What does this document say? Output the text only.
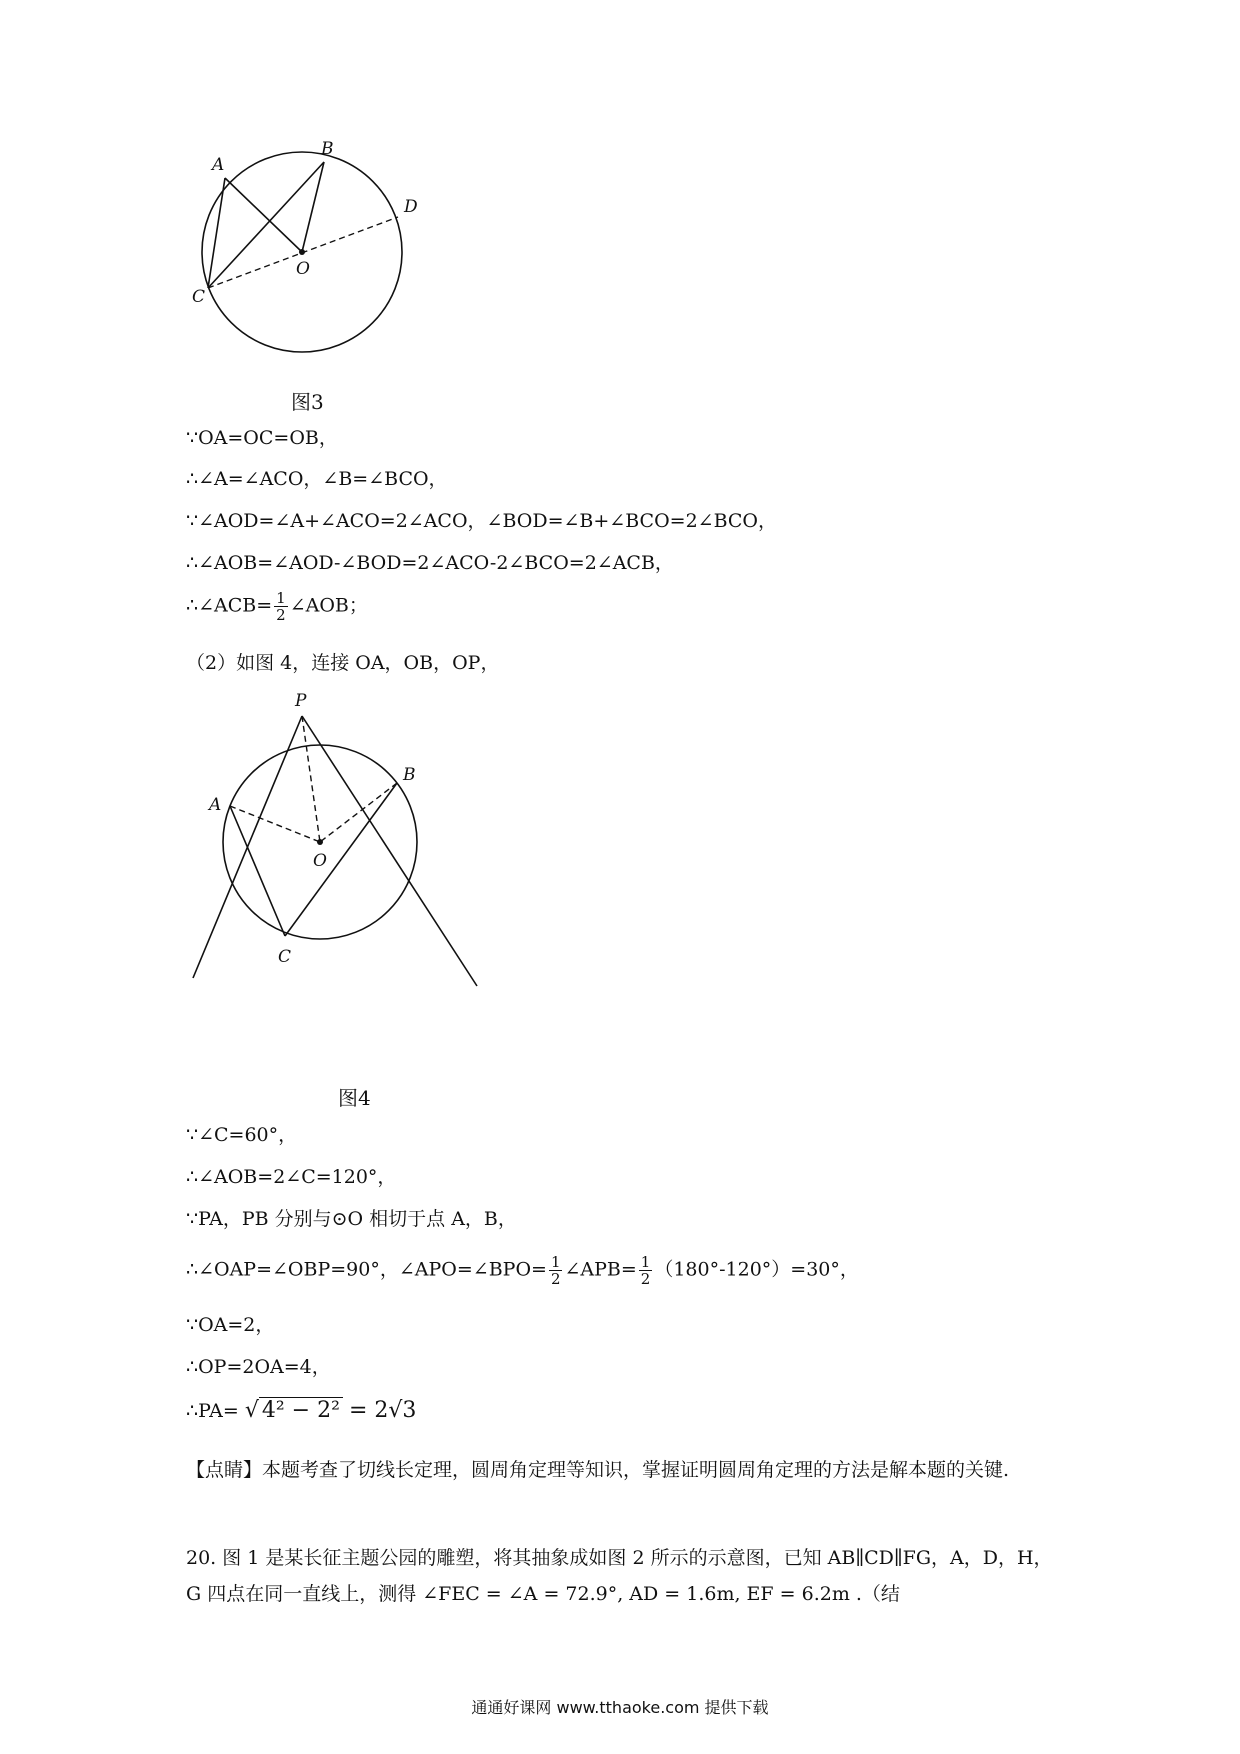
A
B
C
D
O
图3
∵OA=OC=OB，
∴∠A=∠ACO，∠B=∠BCO，
∵∠AOD=∠A+∠ACO=2∠ACO，∠BOD=∠B+∠BCO=2∠BCO，
∴∠AOB=∠AOD-∠BOD=2∠ACO-2∠BCO=2∠ACB，
∴∠ACB= $\frac{1}{2}$ ∠AOB；
（2）如图 4，连接 OA，OB，OP，
P
A
B
O
C
图4
∵∠C=60°，
∴∠AOB=2∠C=120°，
∵PA，PB 分别与⊙O 相切于点 A，B，
∴∠OAP=∠OBP=90°，∠APO=∠BPO= $\frac{1}{2}$ ∠APB= $\frac{1}{2} (180^\circ-120^\circ)=30^\circ$，
∵OA=2，
∴OP=2OA=4，
∴PA= √ 4² − 2² = 2√3
【点睛】本题考查了切线长定理，圆周角定理等知识，掌握证明圆周角定理的方法是解本题的关键.
20. 图 1 是某长征主题公园的雕塑，将其抽象成如图 2 所示的示意图，已知 AB∥CD∥FG，A，D，H，G 四点在同一直线上，测得 ∠FEC = ∠A = 72.9°, AD = 1.6m, EF = 6.2m .（结
通通好课网 www.tthaoke.com 提供下载
